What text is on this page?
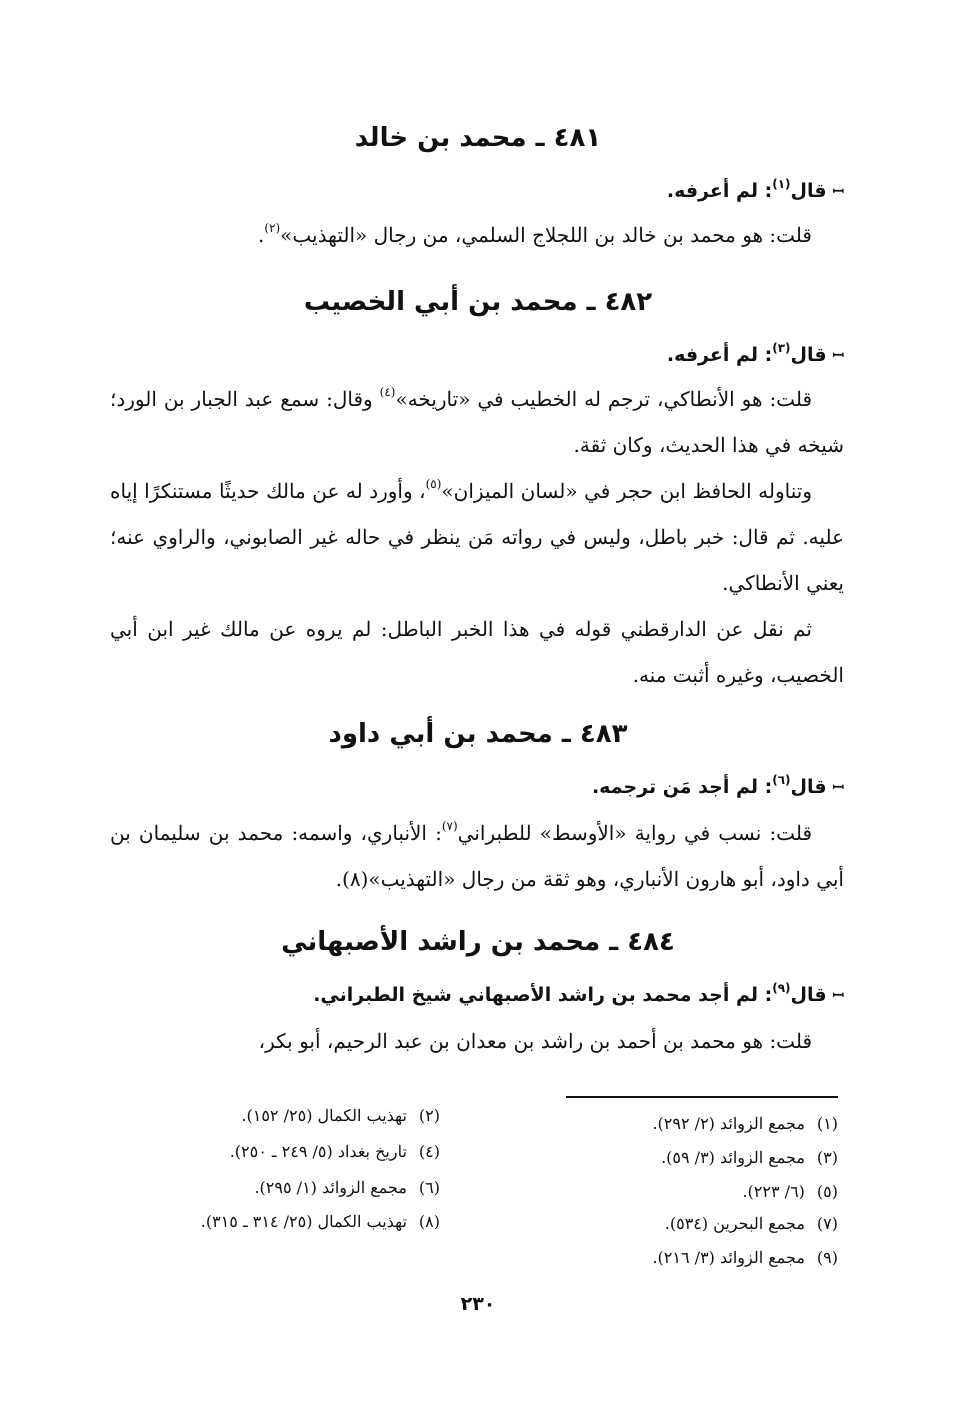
٤٨١ ـ محمد بن خالد

ꟷقال$^{(١)}$: لم أعرفه.

قلت: هو محمد بن خالد بن اللجلاج السلمي، من رجال «التهذيب»$^{(٢)}$.

٤٨٢ ـ محمد بن أبي الخصيب

ꟷقال$^{(٣)}$: لم أعرفه.

قلت: هو الأنطاكي، ترجم له الخطيب في «تاريخه»$^{(٤)}$ وقال: سمع عبد الجبار بن الورد؛ شيخه في هذا الحديث، وكان ثقة.

وتناوله الحافظ ابن حجر في «لسان الميزان»$^{(٥)}$، وأورد له عن مالك حديثًا مستنكرًا إياه عليه. ثم قال: خبر باطل، وليس في رواته مَن ينظر في حاله غير الصابوني، والراوي عنه؛ يعني الأنطاكي.

ثم نقل عن الدارقطني قوله في هذا الخبر الباطل: لم يروه عن مالك غير ابن أبي الخصيب، وغيره أثبت منه.

٤٨٣ ـ محمد بن أبي داود

ꟷقال$^{(٦)}$: لم أجد مَن ترجمه.

قلت: نسب في رواية «الأوسط» للطبراني$^{(٧)}$: الأنباري، واسمه: محمد بن سليمان بن أبي داود، أبو هارون الأنباري، وهو ثقة من رجال «التهذيب»(٨).

٤٨٤ ـ محمد بن راشد الأصبهاني

ꟷقال$^{(٩)}$: لم أجد محمد بن راشد الأصبهاني شيخ الطبراني.

قلت: هو محمد بن أحمد بن راشد بن معدان بن عبد الرحيم، أبو بكر،

(١)مجمع الزوائد (٢/ ٢٩٢).
(٣)مجمع الزوائد (٣/ ٥٩).
(٥)(٦/ ٢٢٣).
(٧)مجمع البحرين (٥٣٤).
(٩)مجمع الزوائد (٣/ ٢١٦).
(٢)تهذيب الكمال (٢٥/ ١٥٢).
(٤)تاريخ بغداد (٥/ ٢٤٩ ـ ٢٥٠).
(٦)مجمع الزوائد (١/ ٢٩٥).
(٨)تهذيب الكمال (٢٥/ ٣١٤ ـ ٣١٥).
٢٣٠
